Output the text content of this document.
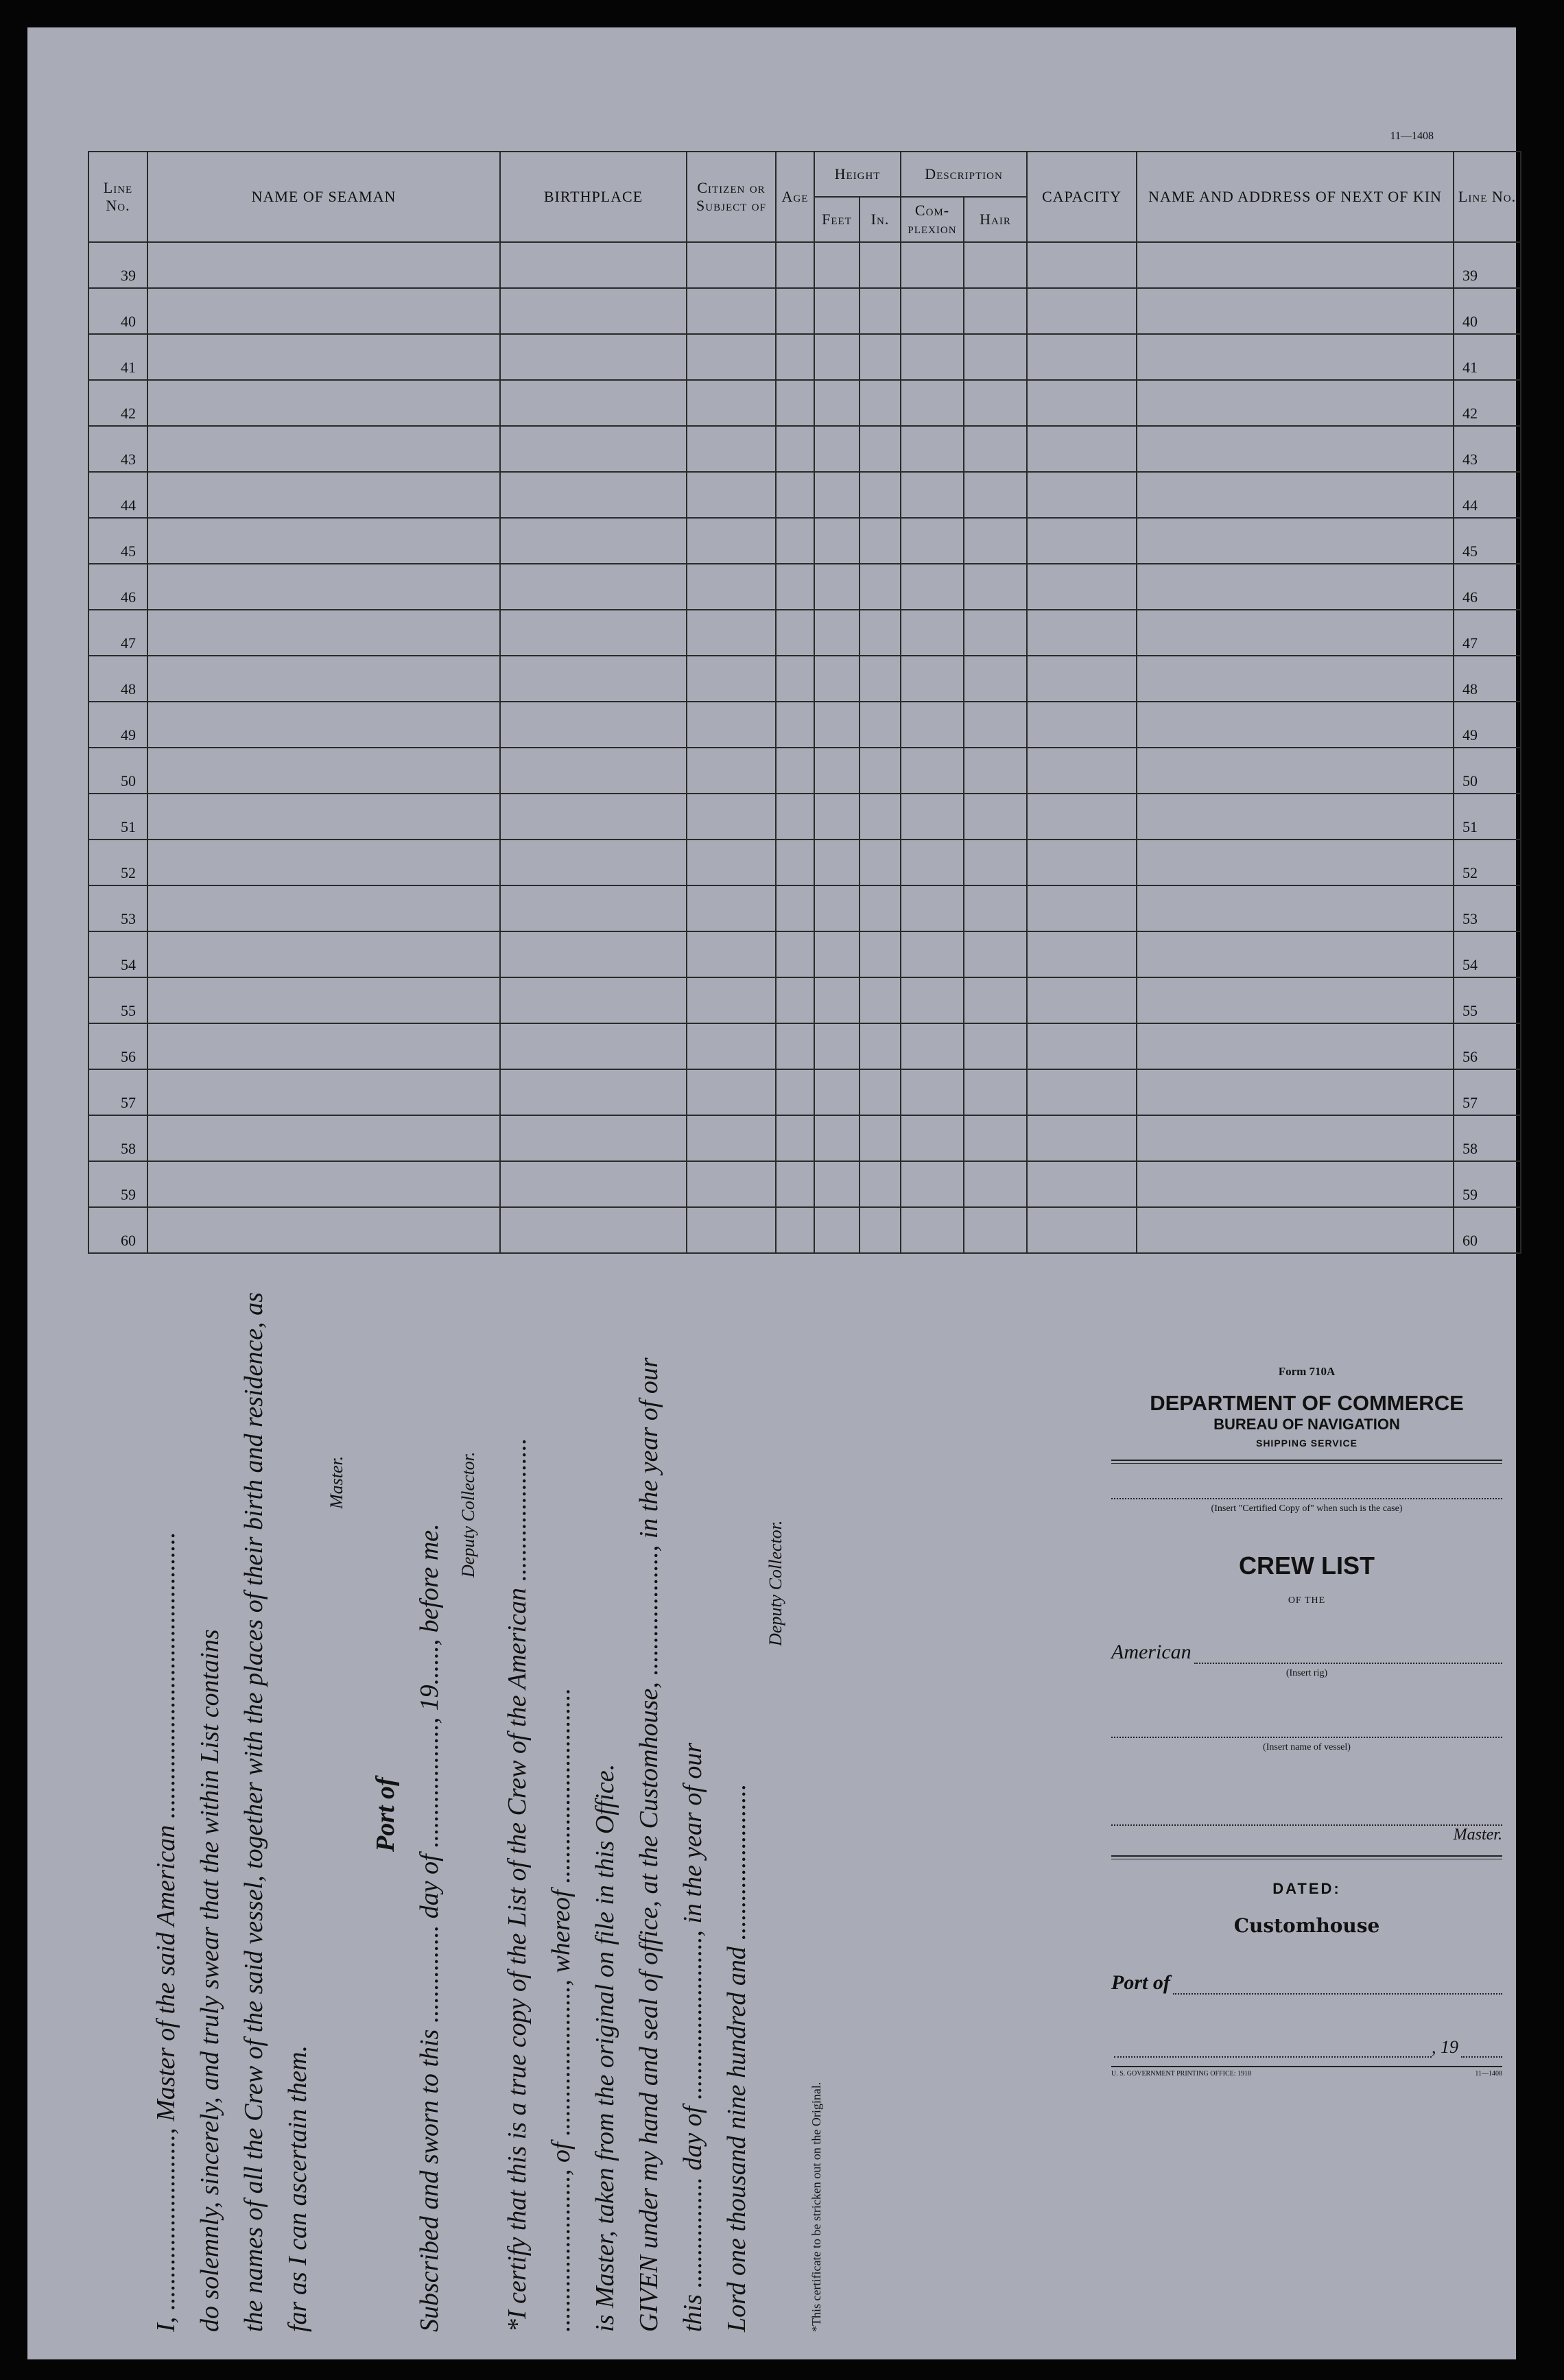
11—1408
Line No.	NAME OF SEAMAN	BIRTHPLACE	Citizen or Subject of	Age	Height		Description		CAPACITY	NAME AND ADDRESS OF NEXT OF KIN	Line No.
					Feet	In.	Com-plexion	Hair			
39											39
40											40
41											41
42											42
43											43
44											44
45											45
46											46
47											47
48											48
49											49
50											50
51											51
52											52
53											53
54											54
55											55
56											56
57											57
58											58
59											59
60											60
I, ..........................., Master of the said American ............................................ do solemnly, sincerely, and truly swear that the within List contains the names of all the Crew of the said vessel, together with the places of their birth and residence, as far as I can ascertain them.
Master.
Port of Subscribed and sworn to this ............... day of ..................., 19......, before me.
Deputy Collector. *I certify that this is a true copy of the List of the Crew of the American ...................... ........................, of ......................., whereof .............................. is Master, taken from the original on file in this Office. GIVEN under my hand and seal of office, at the Customhouse, ..................., in the year of our this ................. day of ........................., in the year of our Lord one thousand nine hundred and ........................
Deputy Collector.
*This certificate to be stricken out on the Original.
Form 710A
DEPARTMENT OF COMMERCE
BUREAU OF NAVIGATION
SHIPPING SERVICE
(Insert "Certified Copy of" when such is the case)
CREW LIST
OF THE
American
(Insert rig)
(Insert name of vessel)
Master.
DATED:
Customhouse
Port of
, 19
U. S. GOVERNMENT PRINTING OFFICE: 1918	11—1408
